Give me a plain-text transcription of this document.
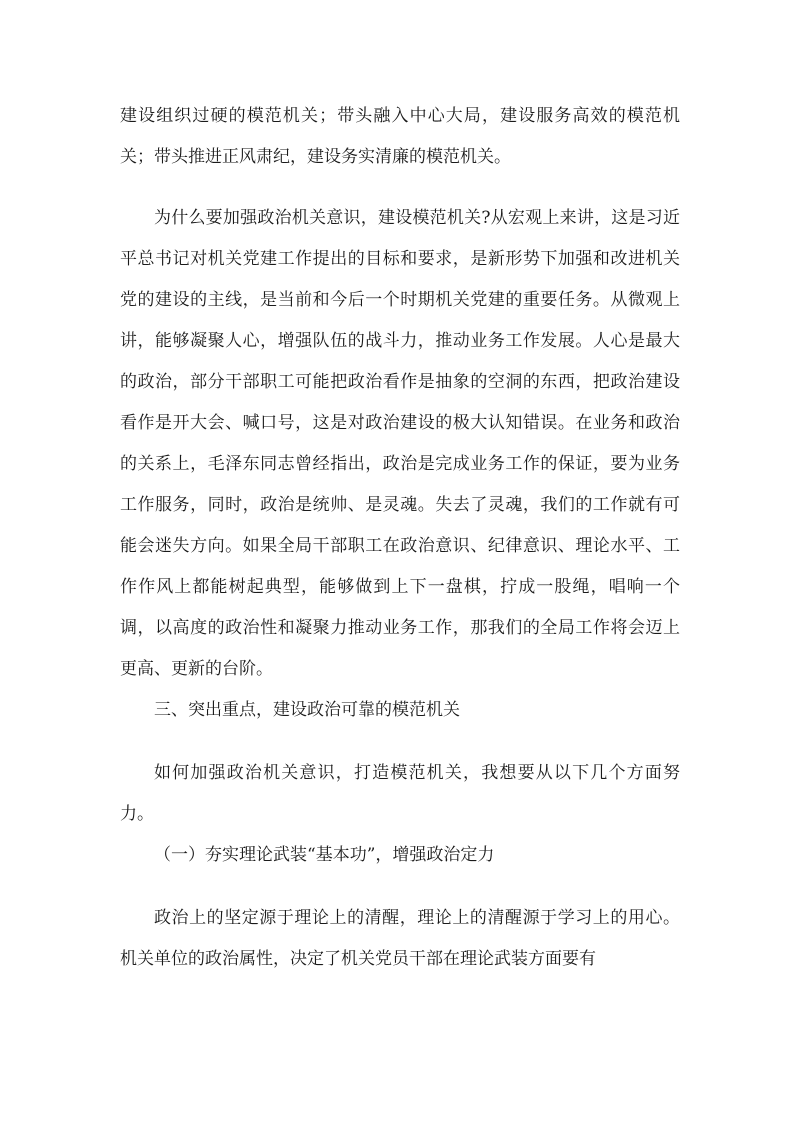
建设组织过硬的模范机关；带头融入中心大局，建设服务高效的模范机关；带头推进正风肃纪，建设务实清廉的模范机关。

为什么要加强政治机关意识，建设模范机关?从宏观上来讲，这是习近平总书记对机关党建工作提出的目标和要求，是新形势下加强和改进机关党的建设的主线，是当前和今后一个时期机关党建的重要任务。从微观上讲，能够凝聚人心，增强队伍的战斗力，推动业务工作发展。人心是最大的政治，部分干部职工可能把政治看作是抽象的空洞的东西，把政治建设看作是开大会、喊口号，这是对政治建设的极大认知错误。在业务和政治的关系上，毛泽东同志曾经指出，政治是完成业务工作的保证，要为业务工作服务，同时，政治是统帅、是灵魂。失去了灵魂，我们的工作就有可能会迷失方向。如果全局干部职工在政治意识、纪律意识、理论水平、工作作风上都能树起典型，能够做到上下一盘棋，拧成一股绳，唱响一个调，以高度的政治性和凝聚力推动业务工作，那我们的全局工作将会迈上更高、更新的台阶。

三、突出重点，建设政治可靠的模范机关

如何加强政治机关意识，打造模范机关，我想要从以下几个方面努力。

（一）夯实理论武装“基本功”，增强政治定力

政治上的坚定源于理论上的清醒，理论上的清醒源于学习上的用心。机关单位的政治属性，决定了机关党员干部在理论武装方面要有
